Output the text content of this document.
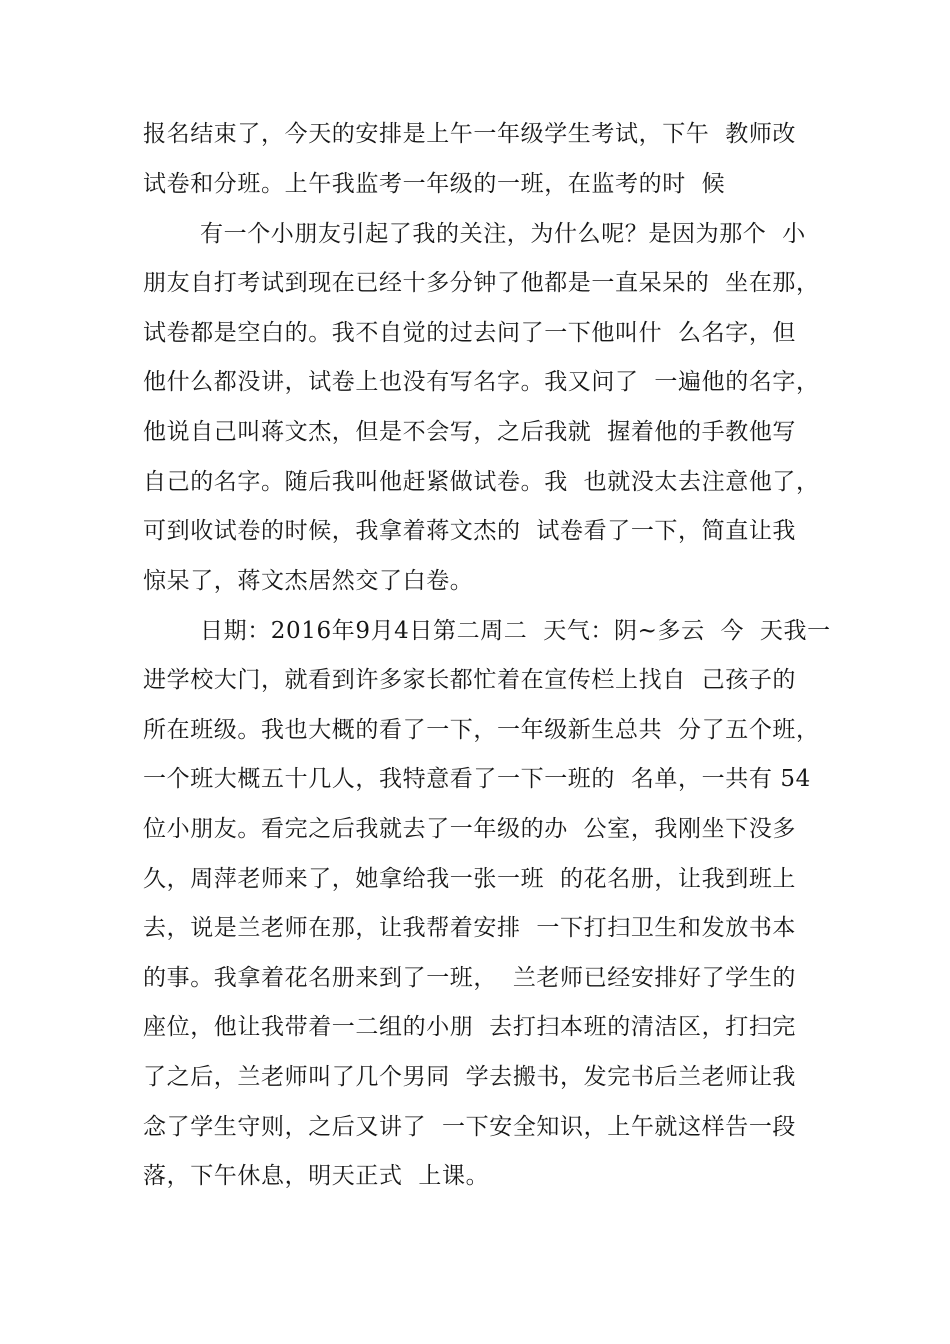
报名结束了，今天的安排是上午一年级学生考试，下午  教师改
试卷和分班。上午我监考一年级的一班，在监考的时  候
有一个小朋友引起了我的关注，为什么呢？是因为那个  小
朋友自打考试到现在已经十多分钟了他都是一直呆呆的  坐在那，
试卷都是空白的。我不自觉的过去问了一下他叫什  么名字，但
他什么都没讲，试卷上也没有写名字。我又问了  一遍他的名字，
他说自己叫蒋文杰，但是不会写，之后我就  握着他的手教他写
自己的名字。随后我叫他赶紧做试卷。我  也就没太去注意他了，
可到收试卷的时候，我拿着蒋文杰的  试卷看了一下，简直让我
惊呆了，蒋文杰居然交了白卷。
日期：2016年9月4日第二周二  天气：阴~多云  今  天我一
进学校大门，就看到许多家长都忙着在宣传栏上找自  己孩子的
所在班级。我也大概的看了一下，一年级新生总共  分了五个班，
一个班大概五十几人，我特意看了一下一班的  名单，一共有 54
位小朋友。看完之后我就去了一年级的办  公室，我刚坐下没多
久，周萍老师来了，她拿给我一张一班  的花名册，让我到班上
去，说是兰老师在那，让我帮着安排  一下打扫卫生和发放书本
的事。我拿着花名册来到了一班，  兰老师已经安排好了学生的
座位，他让我带着一二组的小朋  去打扫本班的清洁区，打扫完
了之后，兰老师叫了几个男同  学去搬书，发完书后兰老师让我
念了学生守则，之后又讲了  一下安全知识，上午就这样告一段
落，下午休息，明天正式  上课。
